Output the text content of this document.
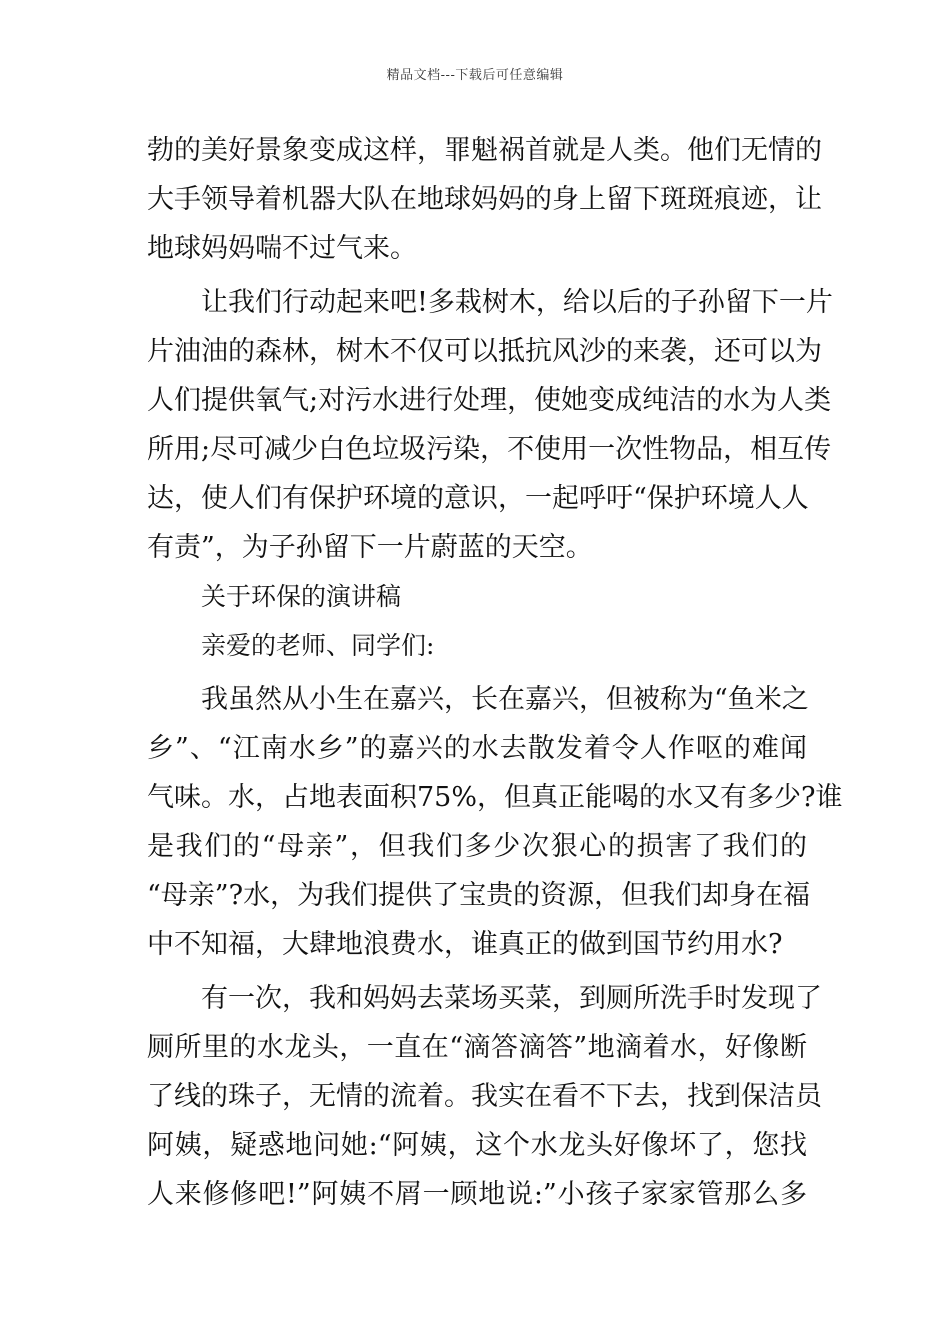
精品文档---下载后可任意编辑
勃的美好景象变成这样，罪魁祸首就是人类。他们无情的
大手领导着机器大队在地球妈妈的身上留下斑斑痕迹，让
地球妈妈喘不过气来。
让我们行动起来吧!多栽树木，给以后的子孙留下一片
片油油的森林，树木不仅可以抵抗风沙的来袭，还可以为
人们提供氧气;对污水进行处理，使她变成纯洁的水为人类
所用;尽可减少白色垃圾污染，不使用一次性物品，相互传
达，使人们有保护环境的意识，一起呼吁“保护环境人人
有责”，为子孙留下一片蔚蓝的天空。
关于环保的演讲稿
亲爱的老师、同学们:
我虽然从小生在嘉兴，长在嘉兴，但被称为“鱼米之
乡”、“江南水乡”的嘉兴的水去散发着令人作呕的难闻
气味。水，占地表面积75%，但真正能喝的水又有多少?谁
是我们的“母亲”，但我们多少次狠心的损害了我们的
“母亲”?水，为我们提供了宝贵的资源，但我们却身在福
中不知福，大肆地浪费水，谁真正的做到国节约用水?
有一次，我和妈妈去菜场买菜，到厕所洗手时发现了
厕所里的水龙头，一直在“滴答滴答”地滴着水，好像断
了线的珠子，无情的流着。我实在看不下去，找到保洁员
阿姨，疑惑地问她:“阿姨，这个水龙头好像坏了，您找
人来修修吧!”阿姨不屑一顾地说:”小孩子家家管那么多
